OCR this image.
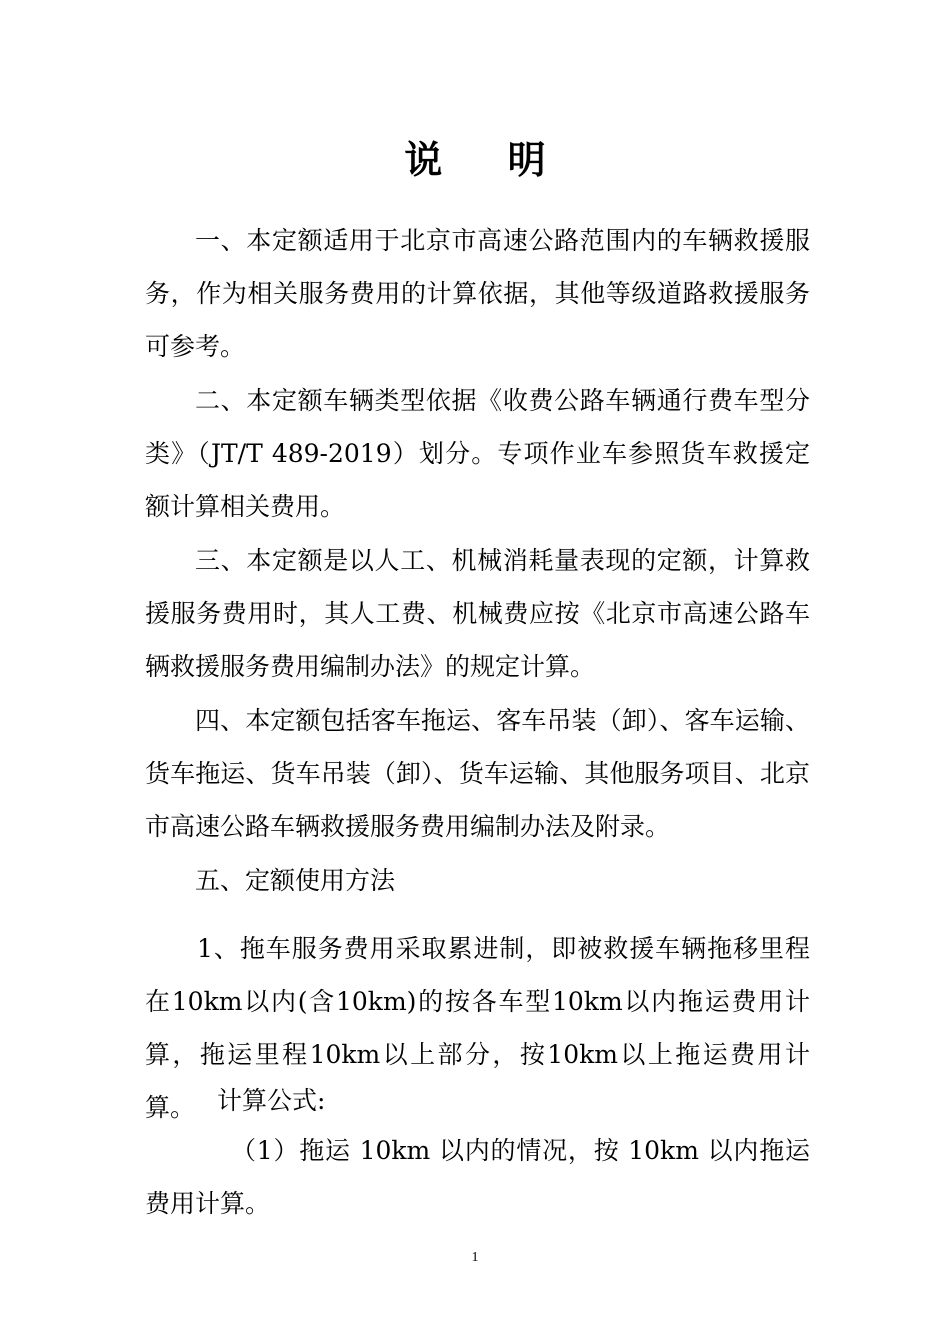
说 明

一、本定额适用于北京市高速公路范围内的车辆救援服务，作为相关服务费用的计算依据，其他等级道路救援服务可参考。

二、本定额车辆类型依据《收费公路车辆通行费车型分类》（JT/T 489-2019）划分。专项作业车参照货车救援定额计算相关费用。

三、本定额是以人工、机械消耗量表现的定额，计算救援服务费用时，其人工费、机械费应按《北京市高速公路车辆救援服务费用编制办法》的规定计算。

四、本定额包括客车拖运、客车吊装（卸）、客车运输、货车拖运、货车吊装（卸）、货车运输、其他服务项目、北京市高速公路车辆救援服务费用编制办法及附录。

五、定额使用方法

1、拖车服务费用采取累进制，即被救援车辆拖移里程在10km以内(含10km)的按各车型10km以内拖运费用计算，拖运里程10km以上部分，按10km以上拖运费用计算。 计算公式:

（1）拖运 10km 以内的情况，按 10km 以内拖运费用计算。

1
